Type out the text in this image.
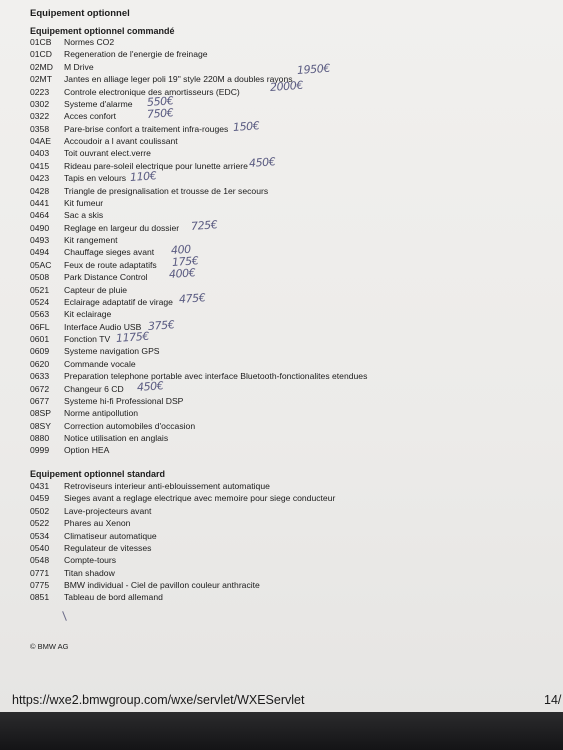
Equipement optionnel
Equipement optionnel commandé
01CB Normes CO2
01CD Regeneration de l'energie de freinage
02MD M Drive
02MT Jantes en alliage leger poli 19" style 220M a doubles rayons
0223 Controle electronique des amortisseurs (EDC)
0302 Systeme d'alarme
0322 Acces confort
0358 Pare-brise confort a traitement infra-rouges
04AE Accoudoir a l avant coulissant
0403 Toit ouvrant elect.verre
0415 Rideau pare-soleil electrique pour lunette arriere
0423 Tapis en velours
0428 Triangle de presignalisation et trousse de 1er secours
0441 Kit fumeur
0464 Sac a skis
0490 Reglage en largeur du dossier
0493 Kit rangement
0494 Chauffage sieges avant
05AC Feux de route adaptatifs
0508 Park Distance Control
0521 Capteur de pluie
0524 Eclairage adaptatif de virage
0563 Kit eclairage
06FL Interface Audio USB
0601 Fonction TV
0609 Systeme navigation GPS
0620 Commande vocale
0633 Preparation telephone portable avec interface Bluetooth-fonctionalites etendues
0672 Changeur 6 CD
0677 Systeme hi-fi Professional DSP
08SP Norme antipollution
08SY Correction automobiles d'occasion
0880 Notice utilisation en anglais
0999 Option HEA
Equipement optionnel standard
0431 Retroviseurs interieur anti-eblouissement automatique
0459 Sieges avant a reglage electrique avec memoire pour siege conducteur
0502 Lave-projecteurs avant
0522 Phares au Xenon
0534 Climatiseur automatique
0540 Regulateur de vitesses
0548 Compte-tours
0771 Titan shadow
0775 BMW individual - Ciel de pavillon couleur anthracite
0851 Tableau de bord allemand
1950€
2000€
550€
750€
150€
450€
110€
725€
400
175€
400€
475€
375€
1175€
450€
© BMW AG
https://wxe2.bmwgroup.com/wxe/servlet/WXEServlet	14/
